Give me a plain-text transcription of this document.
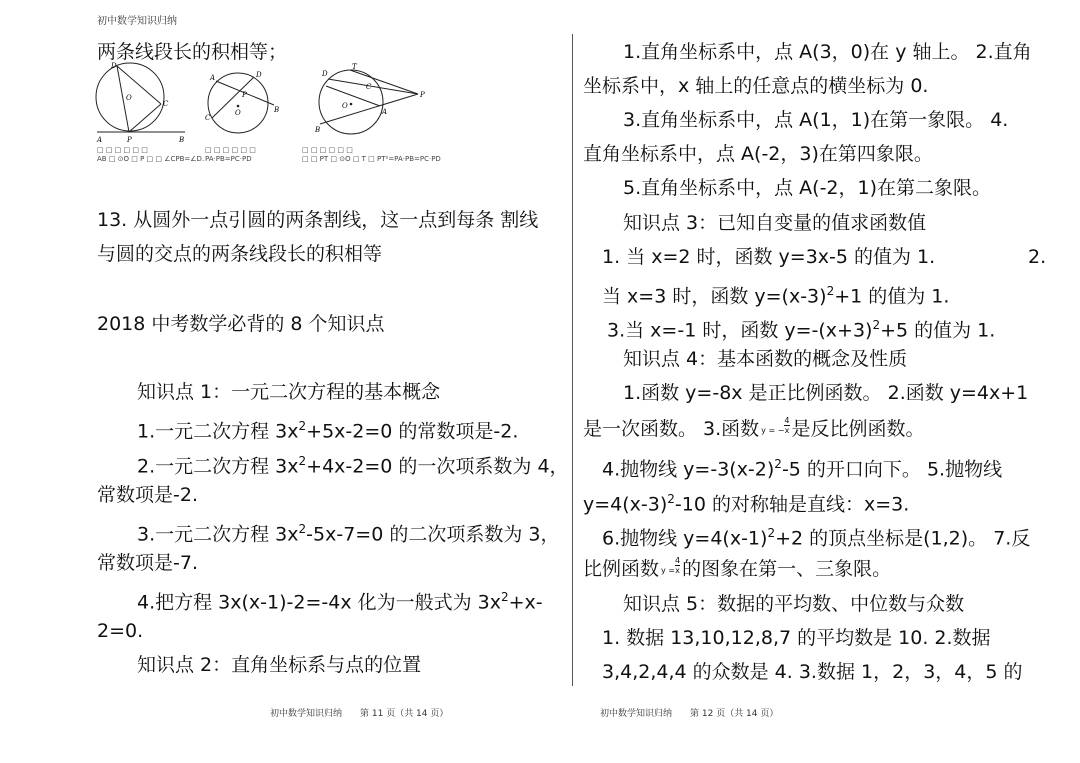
初中数学知识归纳
两条线段长的积相等；
D
O
C
A	P	B
A	D
O	B
C
P
D
T
C
O
A
B
P
□ □ □ □ □ □
AB □ ⊙O □ P □ □ ∠CPB=∠D.
□ □ □ □ □ □
PA·PB=PC·PD
□ □ □ □ □ □
□ □ PT □ ⊙O □ T □ PT²=PA·PB=PC·PD
13. 从圆外一点引圆的两条割线，这一点到每条 割线
与圆的交点的两条线段长的积相等
2018 中考数学必背的 8 个知识点
知识点 1：一元二次方程的基本概念
1.一元二次方程 $3x^2+5x-2=0$ 的常数项是-2.
2.一元二次方程 $3x^2+4x-2=0$ 的一次项系数为 4，
常数项是-2.
3.一元二次方程 $3x^2-5x-7=0$ 的二次项系数为 3，
常数项是-7.
4.把方程 3x(x-1)-2=-4x 化为一般式为 $3x^2+x-$
2=0.
知识点 2：直角坐标系与点的位置
1.直角坐标系中，点 A(3，0)在 y 轴上。 2.直角
坐标系中，x 轴上的任意点的横坐标为 0.
3.直角坐标系中，点 A(1，1)在第一象限。 4.
直角坐标系中，点 A(-2，3)在第四象限。
5.直角坐标系中，点 A(-2，1)在第二象限。
知识点 3：已知自变量的值求函数值
1. 当 x=2 时，函数 y=3x-5 的值为 1.	2.
当 x=3 时，函数 $y=(x-3)^2+1$ 的值为 1.
3.当 x=-1 时，函数 $y=-(x+3)^2+5$ 的值为 1.
知识点 4：基本函数的概念及性质
1.函数 y=-8x 是正比例函数。 2.函数 y=4x+1
是一次函数。 3.函数 y = − $\frac{4}{x}$ 是反比例函数。
4.抛物线 $y=-3(x-2)^2-5$ 的开口向下。 5.抛物线
$y=4(x-3)^2-10$ 的对称轴是直线：x=3.
6.抛物线 $y=4(x-1)^2+2$ 的顶点坐标是(1,2)。 7.反
比例函数 $y = \frac{4}{x}$ 的图象在第一、三象限。
知识点 5：数据的平均数、中位数与众数
1. 数据 13,10,12,8,7 的平均数是 10. 2.数据
3,4,2,4,4 的众数是 4. 3.数据 1，2，3，4，5 的
初中数学知识归纳 第 11 页（共 14 页）	初中数学知识归纳 第 12 页（共 14 页）
